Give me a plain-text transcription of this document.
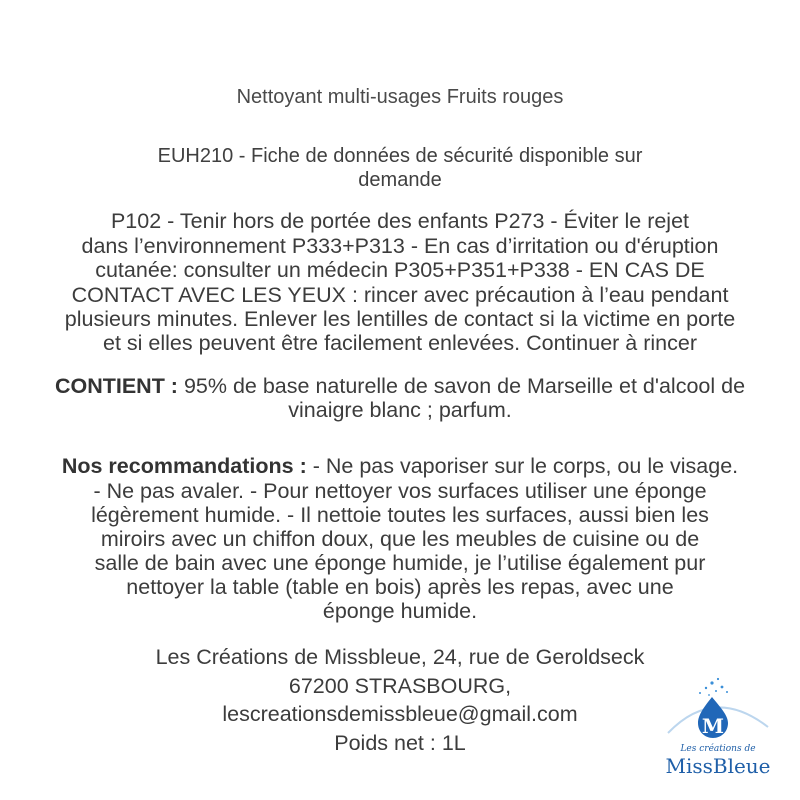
Nettoyant multi-usages Fruits rouges
EUH210 - Fiche de données de sécurité disponible sur
demande
P102 - Tenir hors de portée des enfants P273 - Éviter le rejet
dans l’environnement P333+P313 - En cas d’irritation ou d'éruption
cutanée: consulter un médecin P305+P351+P338 - EN CAS DE
CONTACT AVEC LES YEUX : rincer avec précaution à l’eau pendant
plusieurs minutes. Enlever les lentilles de contact si la victime en porte
et si elles peuvent être facilement enlevées. Continuer à rincer
CONTIENT : 95% de base naturelle de savon de Marseille et d'alcool de
vinaigre blanc ; parfum.
Nos recommandations : - Ne pas vaporiser sur le corps, ou le visage.
- Ne pas avaler. - Pour nettoyer vos surfaces utiliser une éponge
légèrement humide. - Il nettoie toutes les surfaces, aussi bien les
miroirs avec un chiffon doux, que les meubles de cuisine ou de
salle de bain avec une éponge humide, je l’utilise également pur
nettoyer la table (table en bois) après les repas, avec une
éponge humide.
Les Créations de Missbleue, 24, rue de Geroldseck
67200 STRASBOURG,
lescreationsdemissbleue@gmail.com
Poids net : 1L
M
Les créations de
MissBleue
